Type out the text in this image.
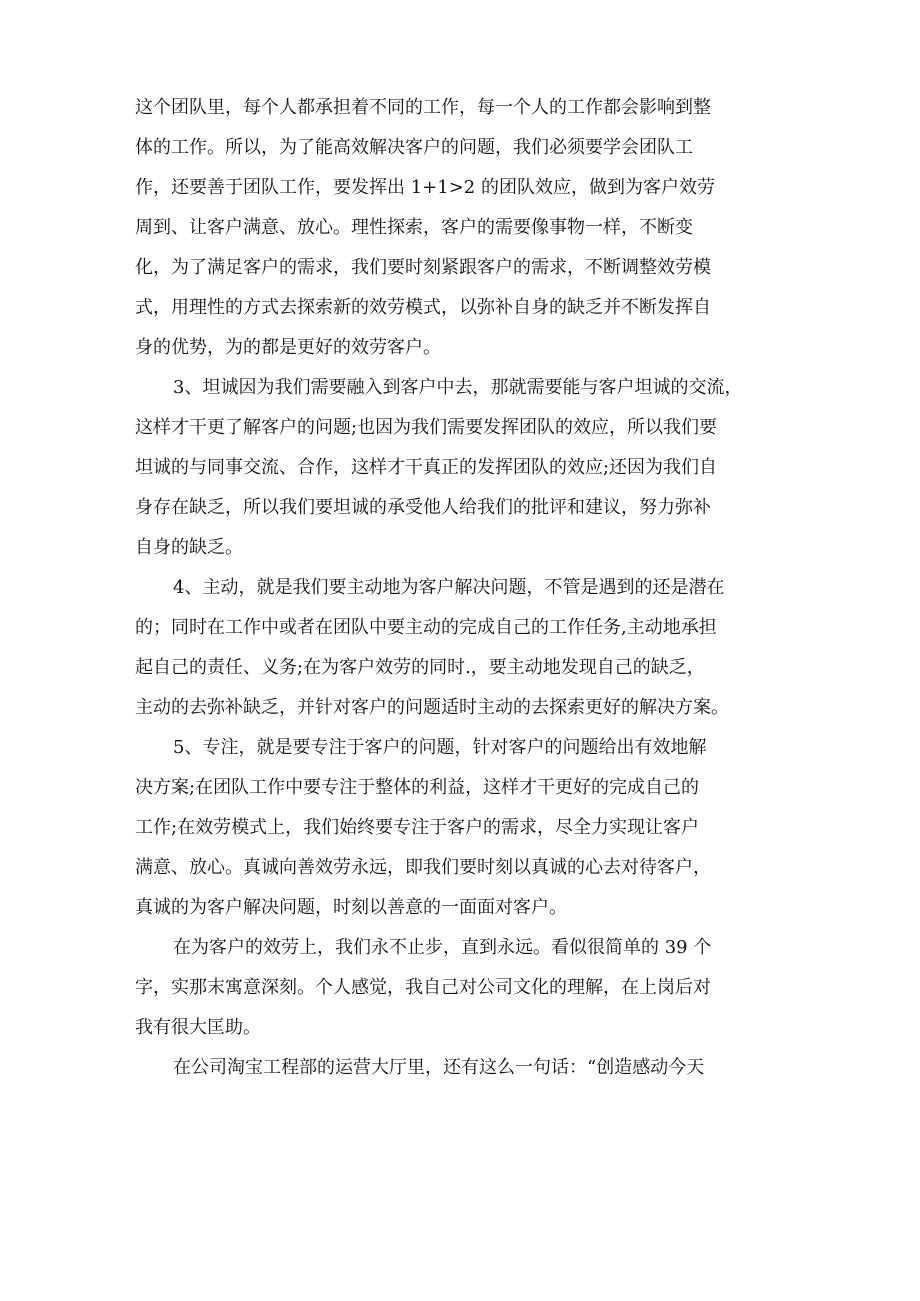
这个团队里，每个人都承担着不同的工作，每一个人的工作都会影响到整
体的工作。所以，为了能高效解决客户的问题，我们必须要学会团队工
作，还要善于团队工作，要发挥出 1+1>2 的团队效应，做到为客户效劳
周到、让客户满意、放心。理性探索，客户的需要像事物一样，不断变
化，为了满足客户的需求，我们要时刻紧跟客户的需求，不断调整效劳模
式，用理性的方式去探索新的效劳模式，以弥补自身的缺乏并不断发挥自
身的优势，为的都是更好的效劳客户。
3、坦诚因为我们需要融入到客户中去，那就需要能与客户坦诚的交流，
这样才干更了解客户的问题;也因为我们需要发挥团队的效应，所以我们要
坦诚的与同事交流、合作，这样才干真正的发挥团队的效应;还因为我们自
身存在缺乏，所以我们要坦诚的承受他人给我们的批评和建议，努力弥补
自身的缺乏。
4、主动，就是我们要主动地为客户解决问题，不管是遇到的还是潜在
的；同时在工作中或者在团队中要主动的完成自己的工作任务,主动地承担
起自己的责任、义务;在为客户效劳的同时.，要主动地发现自己的缺乏，
主动的去弥补缺乏，并针对客户的问题适时主动的去探索更好的解决方案。
5、专注，就是要专注于客户的问题，针对客户的问题给出有效地解
决方案;在团队工作中要专注于整体的利益，这样才干更好的完成自己的
工作;在效劳模式上，我们始终要专注于客户的需求，尽全力实现让客户
满意、放心。真诚向善效劳永远，即我们要时刻以真诚的心去对待客户，
真诚的为客户解决问题，时刻以善意的一面面对客户。
在为客户的效劳上，我们永不止步，直到永远。看似很简单的 39 个
字，实那末寓意深刻。个人感觉，我自己对公司文化的理解，在上岗后对
我有很大匡助。
在公司淘宝工程部的运营大厅里，还有这么一句话：“创造感动今天
